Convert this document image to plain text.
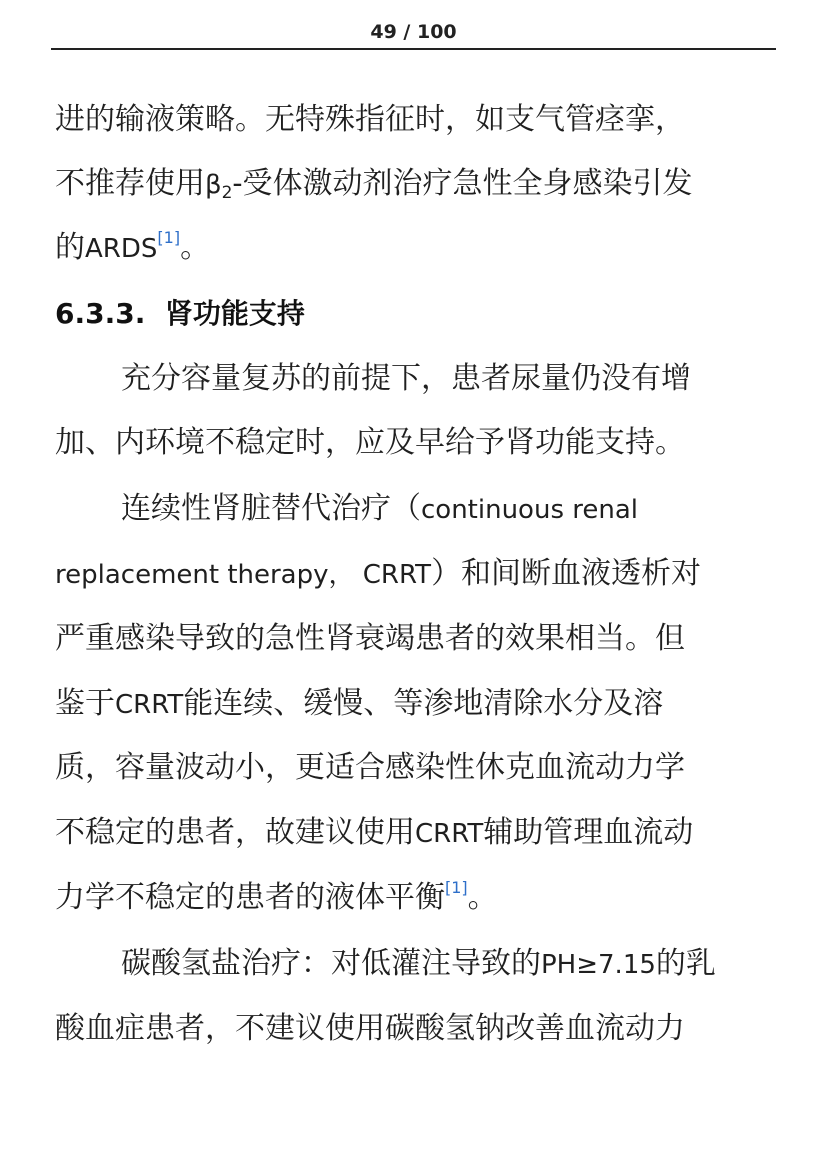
49 / 100
进的输液策略。无特殊指征时，如支气管痉挛，
不推荐使用$\beta_2-$受体激动剂治疗急性全身感染引发
的ARDS[1]。
6.3.3. 肾功能支持
充分容量复苏的前提下，患者尿量仍没有增
加、内环境不稳定时，应及早给予肾功能支持。
连续性肾脏替代治疗（continuous renal
replacement therapy， CRRT）和间断血液透析对
严重感染导致的急性肾衰竭患者的效果相当。但
鉴于CRRT能连续、缓慢、等渗地清除水分及溶
质，容量波动小，更适合感染性休克血流动力学
不稳定的患者，故建议使用CRRT辅助管理血流动
力学不稳定的患者的液体平衡[1]。
碳酸氢盐治疗：对低灌注导致的PH≥7.15的乳
酸血症患者，不建议使用碳酸氢钠改善血流动力
